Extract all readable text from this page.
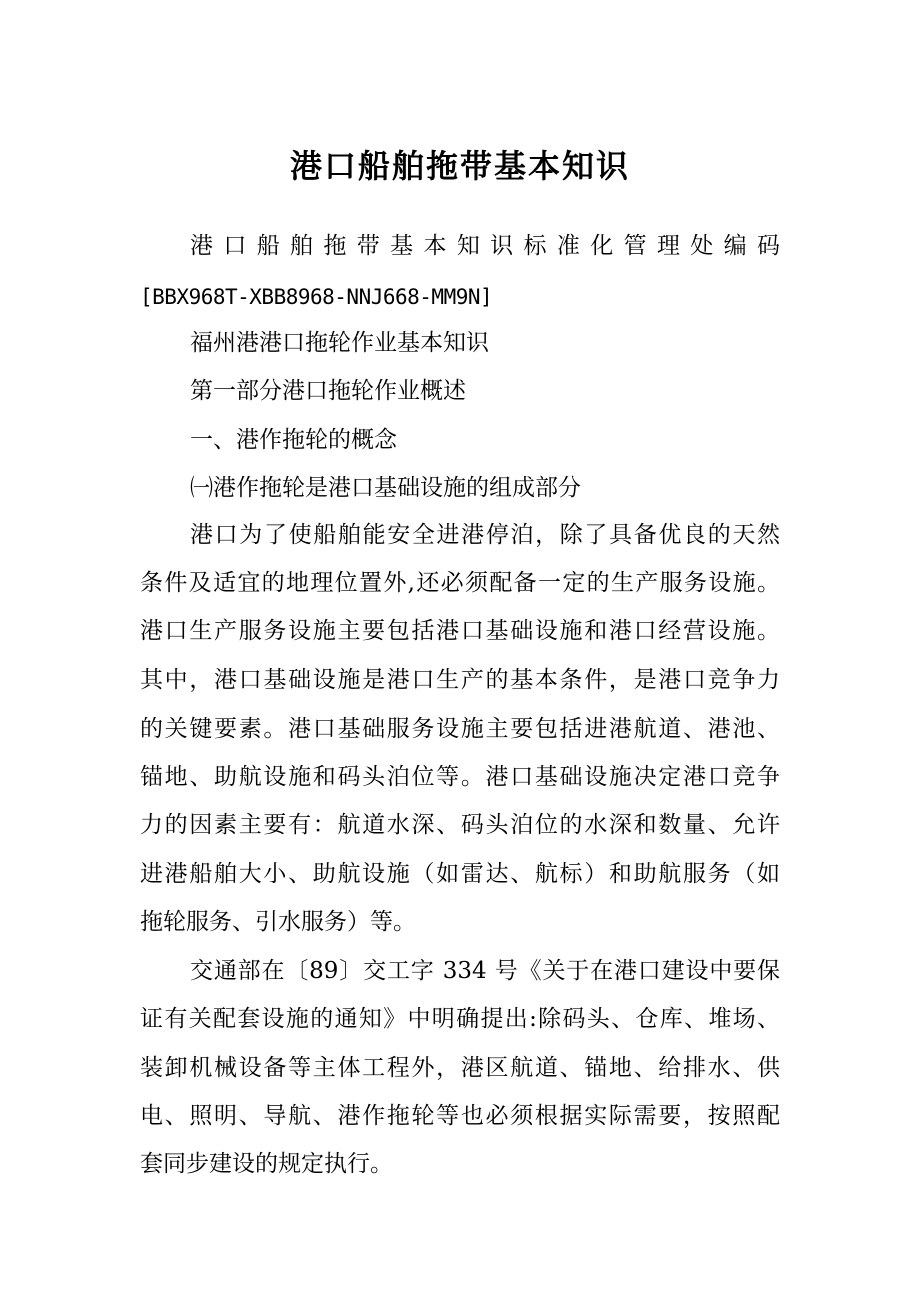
港口船舶拖带基本知识
港口船舶拖带基本知识标准化管理处编码
[BBX968T-XBB8968-NNJ668-MM9N]
福州港港口拖轮作业基本知识
第一部分港口拖轮作业概述
一、港作拖轮的概念
㈠港作拖轮是港口基础设施的组成部分
港口为了使船舶能安全进港停泊，除了具备优良的天然
条件及适宜的地理位置外,还必须配备一定的生产服务设施。
港口生产服务设施主要包括港口基础设施和港口经营设施。
其中，港口基础设施是港口生产的基本条件，是港口竞争力
的关键要素。港口基础服务设施主要包括进港航道、港池、
锚地、助航设施和码头泊位等。港口基础设施决定港口竞争
力的因素主要有：航道水深、码头泊位的水深和数量、允许
进港船舶大小、助航设施（如雷达、航标）和助航服务（如
拖轮服务、引水服务）等。
交通部在〔89〕交工字 334 号《关于在港口建设中要保
证有关配套设施的通知》中明确提出:除码头、仓库、堆场、
装卸机械设备等主体工程外，港区航道、锚地、给排水、供
电、照明、导航、港作拖轮等也必须根据实际需要，按照配
套同步建设的规定执行。
